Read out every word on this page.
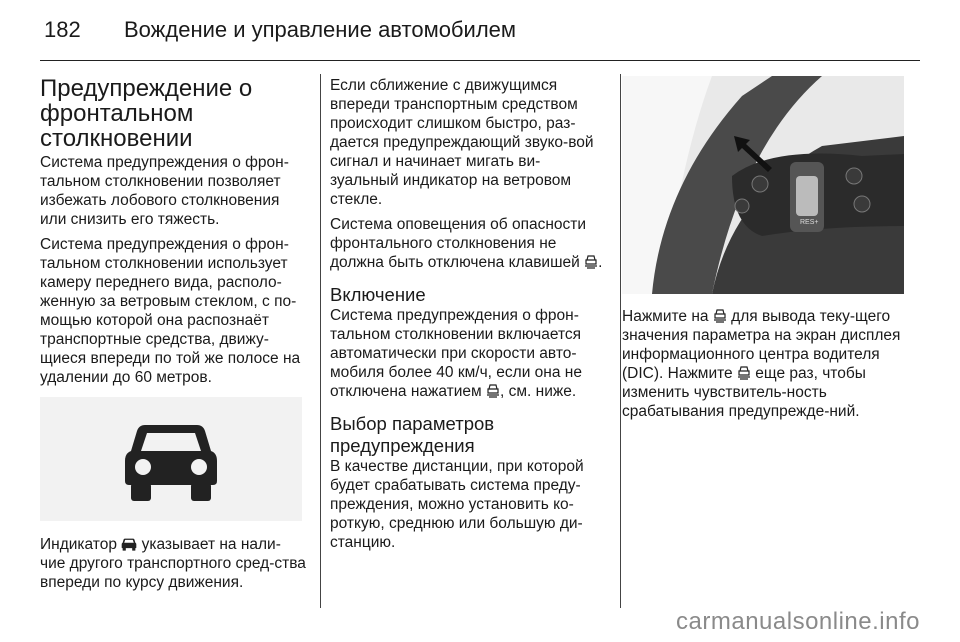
182	Вождение и управление автомобилем
Предупреждение о фронтальном столкновении

Система предупреждения о фрон-тальном столкновении позволяет избежать лобового столкновения или снизить его тяжесть.

Система предупреждения о фрон-тальном столкновении использует камеру переднего вида, располо-женную за ветровым стеклом, с по-мощью которой она распознаёт транспортные средства, движу-щиеся впереди по той же полосе на удалении до 60 метров.

Индикатор  указывает на нали-чие другого транспортного сред-ства впереди по курсу движения.

Если сближение с движущимся впереди транспортным средством происходит слишком быстро, раз-дается предупреждающий звуко-вой сигнал и начинает мигать ви-зуальный индикатор на ветровом стекле.

Система оповещения об опасности фронтального столкновения не должна быть отключена клавишей .

Включение

Система предупреждения о фрон-тальном столкновении включается автоматически при скорости авто-мобиля более 40 км/ч, если она не отключена нажатием , см. ниже.

Выбор параметров предупреждения

В качестве дистанции, при которой будет срабатывать система преду-преждения, можно установить ко-роткую, среднюю или большую ди-станцию.

RES+

Нажмите на  для вывода теку-щего значения параметра на экран дисплея информационного центра водителя (DIC). Нажмите  еще раз, чтобы изменить чувствитель-ность срабатывания предупрежде-ний.

carmanualsonline.info
